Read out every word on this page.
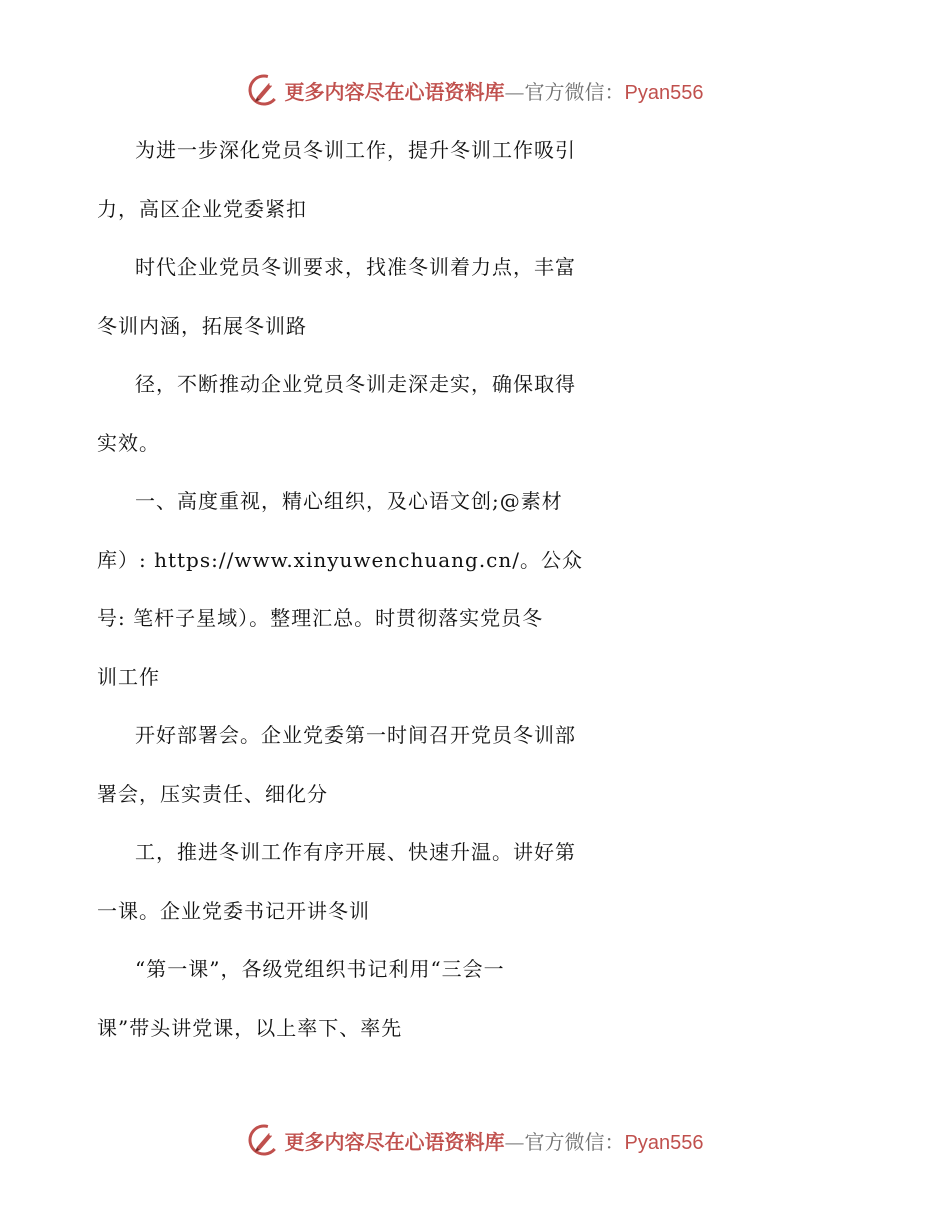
更多内容尽在心语资料库—官方微信：Pyan556
为进一步深化党员冬训工作，提升冬训工作吸引
力，高区企业党委紧扣
时代企业党员冬训要求，找准冬训着力点，丰富
冬训内涵，拓展冬训路
径，不断推动企业党员冬训走深走实，确保取得
实效。
一、高度重视，精心组织，及心语文创;@素材
库）: https://www.xinyuwenchuang.cn/。公众
号: 笔杆子星域）。整理汇总。时贯彻落实党员冬
训工作
开好部署会。企业党委第一时间召开党员冬训部
署会，压实责任、细化分
工，推进冬训工作有序开展、快速升温。讲好第
一课。企业党委书记开讲冬训
“第一课”，各级党组织书记利用“三会一
课”带头讲党课，以上率下、率先
更多内容尽在心语资料库—官方微信：Pyan556
